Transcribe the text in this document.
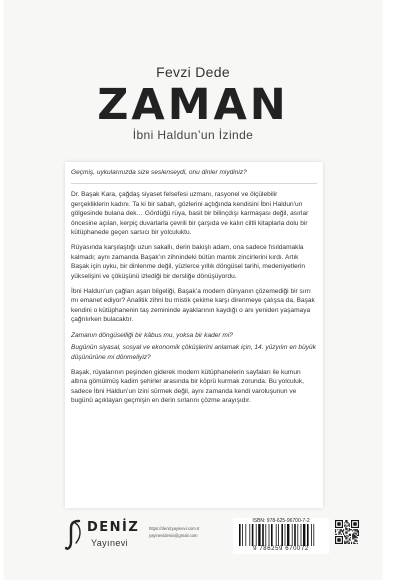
Fevzi Dede
ZAMAN
İbni Haldun’un İzinde

Geçmiş, uykularınızda size seslenseydi, onu dinler miydiniz?

Dr. Başak Kara, çağdaş siyaset felsefesi uzmanı, rasyonel ve ölçülebilir gerçekliklerin kadını. Ta ki bir sabah, gözlerini açtığında kendisini İbni Haldun’un gölgesinde bulana dek… Gördüğü rüya, basit bir bilinçdışı karmaşası değil, asırlar öncesine açılan, kerpiç duvarlarla çevrili bir çarşıda ve kalın ciltli kitaplarla dolu bir kütüphanede geçen sarsıcı bir yolculuktu.

Rüyasında karşılaştığı uzun sakallı, derin bakışlı adam, ona sadece fısıldamakla kalmadı; aynı zamanda Başak’ın zihnindeki bütün mantık zincirlerini kırdı. Artık Başak için uyku, bir dinlenme değil, yüzlerce yıllık döngüsel tarihi, medeniyetlerin yükselişini ve çöküşünü izlediği bir dersliğe dönüşüyordu.

İbni Haldun’un çağları aşan bilgeliği, Başak’a modern dünyanın çözemediği bir sırrı mı emanet ediyor? Analitik zihni bu mistik çekime karşı direnmeye çalışsa da, Başak kendini o kütüphanenin taş zemininde ayaklarının kaydığı o anı yeniden yaşamaya çağrılırken bulacaktır.

Zamanın döngüselliği bir kâbus mu, yoksa bir kader mi?

Bugünün siyasal, sosyal ve ekonomik çöküşlerini anlamak için, 14. yüzyılın en büyük düşünürüne mi dönmeliyiz?

Başak, rüyalarının peşinden giderek modern kütüphanelerin sayfaları ile kumun altına gömülmüş kadim şehirler arasında bir köprü kurmak zorunda. Bu yolculuk, sadece İbni Haldun’un izini sürmek değil, aynı zamanda kendi varoluşunun ve bugünü açıklayan geçmişin en derin sırlarını çözme arayışıdır.

DENİZ
Yayınevi
https://denizyayinevi.com.tr
yayinevidenix@gmail.com
ISBN: 978-625-96700-7-2
9 786259 670072
